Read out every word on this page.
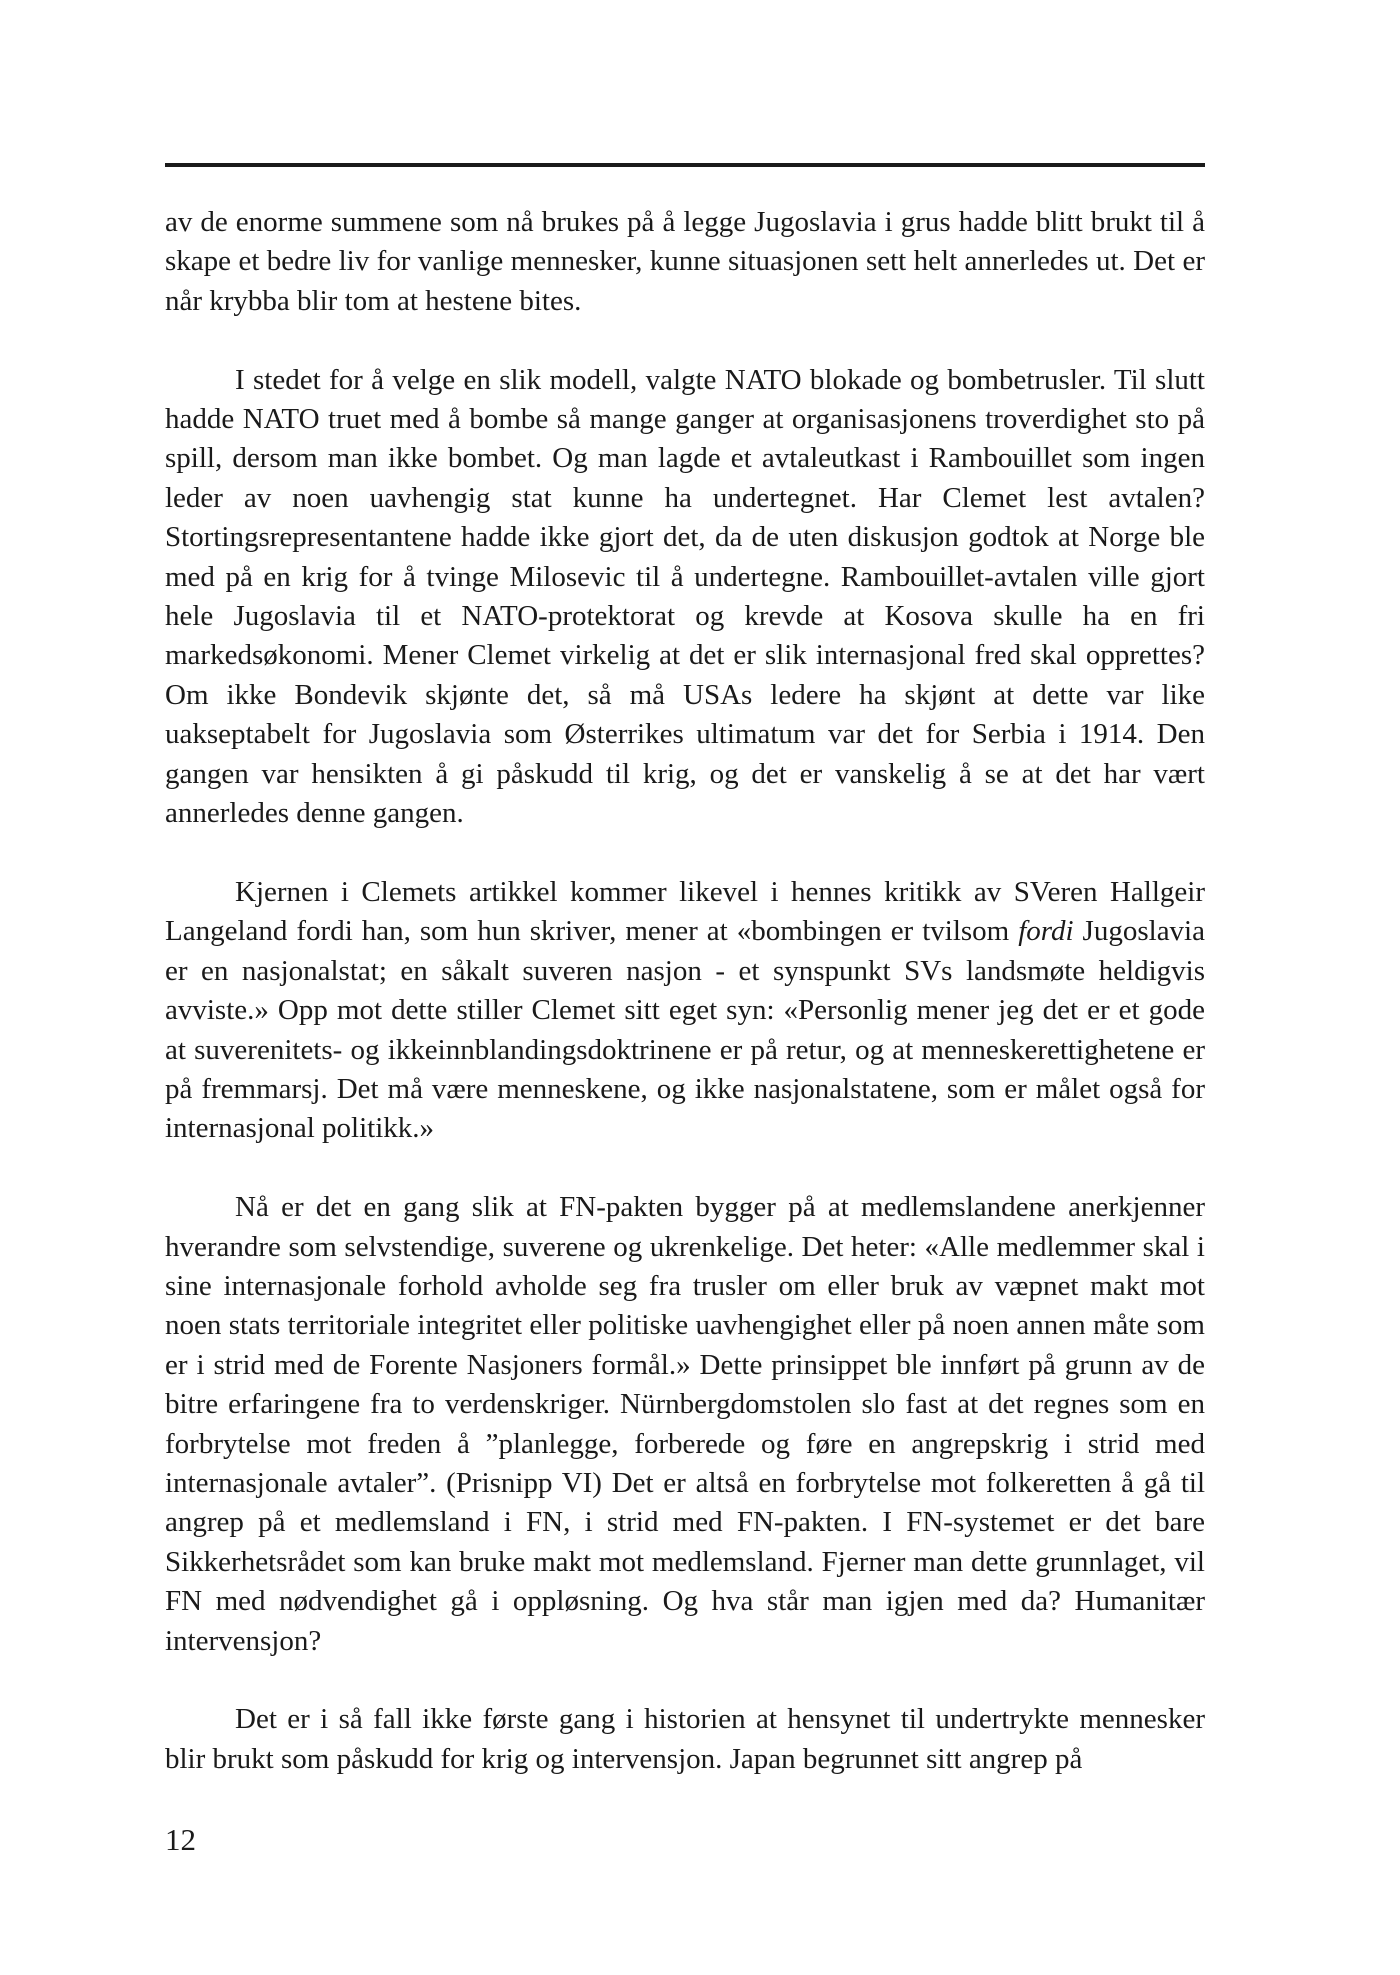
av de enorme summene som nå brukes på å legge Jugoslavia i grus hadde blitt brukt til å skape et bedre liv for vanlige mennesker, kunne situasjonen sett helt annerledes ut. Det er når krybba blir tom at hestene bites.

I stedet for å velge en slik modell, valgte NATO blokade og bombetrusler. Til slutt hadde NATO truet med å bombe så mange ganger at organisasjonens troverdighet sto på spill, dersom man ikke bombet. Og man lagde et avtaleutkast i Rambouillet som ingen leder av noen uavhengig stat kunne ha undertegnet. Har Clemet lest avtalen? Stortingsrepresentantene hadde ikke gjort det, da de uten diskusjon godtok at Norge ble med på en krig for å tvinge Milosevic til å undertegne. Rambouillet-avtalen ville gjort hele Jugoslavia til et NATO-protektorat og krevde at Kosova skulle ha en fri markedsøkonomi. Mener Clemet virkelig at det er slik internasjonal fred skal opprettes? Om ikke Bondevik skjønte det, så må USAs ledere ha skjønt at dette var like uakseptabelt for Jugoslavia som Østerrikes ultimatum var det for Serbia i 1914. Den gangen var hensikten å gi påskudd til krig, og det er vanskelig å se at det har vært annerledes denne gangen.

Kjernen i Clemets artikkel kommer likevel i hennes kritikk av SVeren Hallgeir Langeland fordi han, som hun skriver, mener at «bombingen er tvilsom fordi Jugoslavia er en nasjonalstat; en såkalt suveren nasjon - et synspunkt SVs landsmøte heldigvis avviste.» Opp mot dette stiller Clemet sitt eget syn: «Personlig mener jeg det er et gode at suverenitets- og ikkeinnblandingsdoktrinene er på retur, og at menneskerettighetene er på fremmarsj. Det må være menneskene, og ikke nasjonalstatene, som er målet også for internasjonal politikk.»

Nå er det en gang slik at FN-pakten bygger på at medlemslandene anerkjenner hverandre som selvstendige, suverene og ukrenkelige. Det heter: «Alle medlemmer skal i sine internasjonale forhold avholde seg fra trusler om eller bruk av væpnet makt mot noen stats territoriale integritet eller politiske uavhengighet eller på noen annen måte som er i strid med de Forente Nasjoners formål.» Dette prinsippet ble innført på grunn av de bitre erfaringene fra to verdenskriger. Nürnbergdomstolen slo fast at det regnes som en forbrytelse mot freden å ”planlegge, forberede og føre en angrepskrig i strid med internasjonale avtaler”. (Prisnipp VI) Det er altså en forbrytelse mot folkeretten å gå til angrep på et medlemsland i FN, i strid med FN-pakten. I FN-systemet er det bare Sikkerhetsrådet som kan bruke makt mot medlemsland. Fjerner man dette grunnlaget, vil FN med nødvendighet gå i oppløsning. Og hva står man igjen med da? Humanitær intervensjon?

Det er i så fall ikke første gang i historien at hensynet til undertrykte mennesker blir brukt som påskudd for krig og intervensjon. Japan begrunnet sitt angrep på

12
